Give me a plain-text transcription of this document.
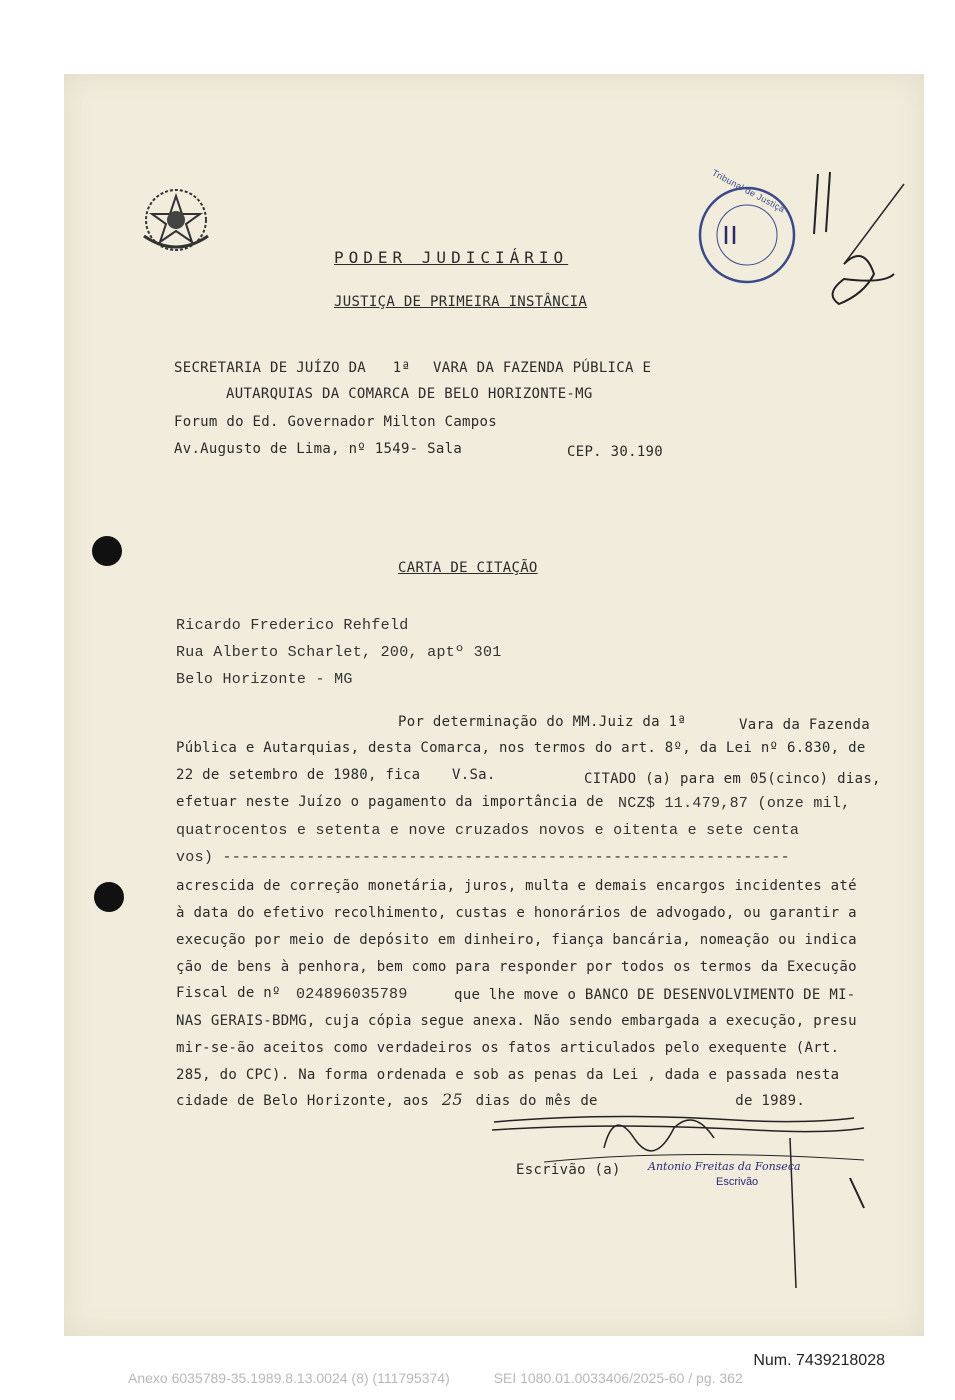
PODER JUDICIÁRIO
JUSTIÇA DE PRIMEIRA INSTÂNCIA
Tribunal de Justiça
SECRETARIA DE JUÍZO DA 1ª VARA DA FAZENDA PÚBLICA E
AUTARQUIAS DA COMARCA DE BELO HORIZONTE-MG
Forum do Ed. Governador Milton Campos
Av.Augusto de Lima, nº 1549- Sala	CEP. 30.190
CARTA DE CITAÇÃO
Ricardo Frederico Rehfeld
Rua Alberto Scharlet, 200, aptº 301
Belo Horizonte - MG
Por determinação do MM.Juiz da 1ª	Vara da Fazenda
Pública e Autarquias, desta Comarca, nos termos do art. 8º, da Lei nº 6.830, de
22 de setembro de 1980, fica V.Sa.	CITADO (a) para em 05(cinco) dias,
efetuar neste Juízo o pagamento da importância de NCZ$ 11.479,87 (onze mil,
quatrocentos e setenta e nove cruzados novos e oitenta e sete centa
vos) -------------------------------------------------------------
acrescida de correção monetária, juros, multa e demais encargos incidentes até
à data do efetivo recolhimento, custas e honorários de advogado, ou garantir a
execução por meio de depósito em dinheiro, fiança bancária, nomeação ou indica
ção de bens à penhora, bem como para responder por todos os termos da Execução
Fiscal de nº 024896035789	que lhe move o BANCO DE DESENVOLVIMENTO DE MI-
NAS GERAIS-BDMG, cuja cópia segue anexa. Não sendo embargada a execução, presu
mir-se-ão aceitos como verdadeiros os fatos articulados pelo exequente (Art.
285, do CPC). Na forma ordenada e sob as penas da Lei , dada e passada nesta
cidade de Belo Horizonte, aos 25 dias do mês de	de 1989.
Escrivão (a) Antonio Freitas da Fonseca
Escrivão
Num. 7439218028
Anexo 6035789-35.1989.8.13.0024 (8) (111795374)	SEI 1080.01.0033406/2025-60 / pg. 362
